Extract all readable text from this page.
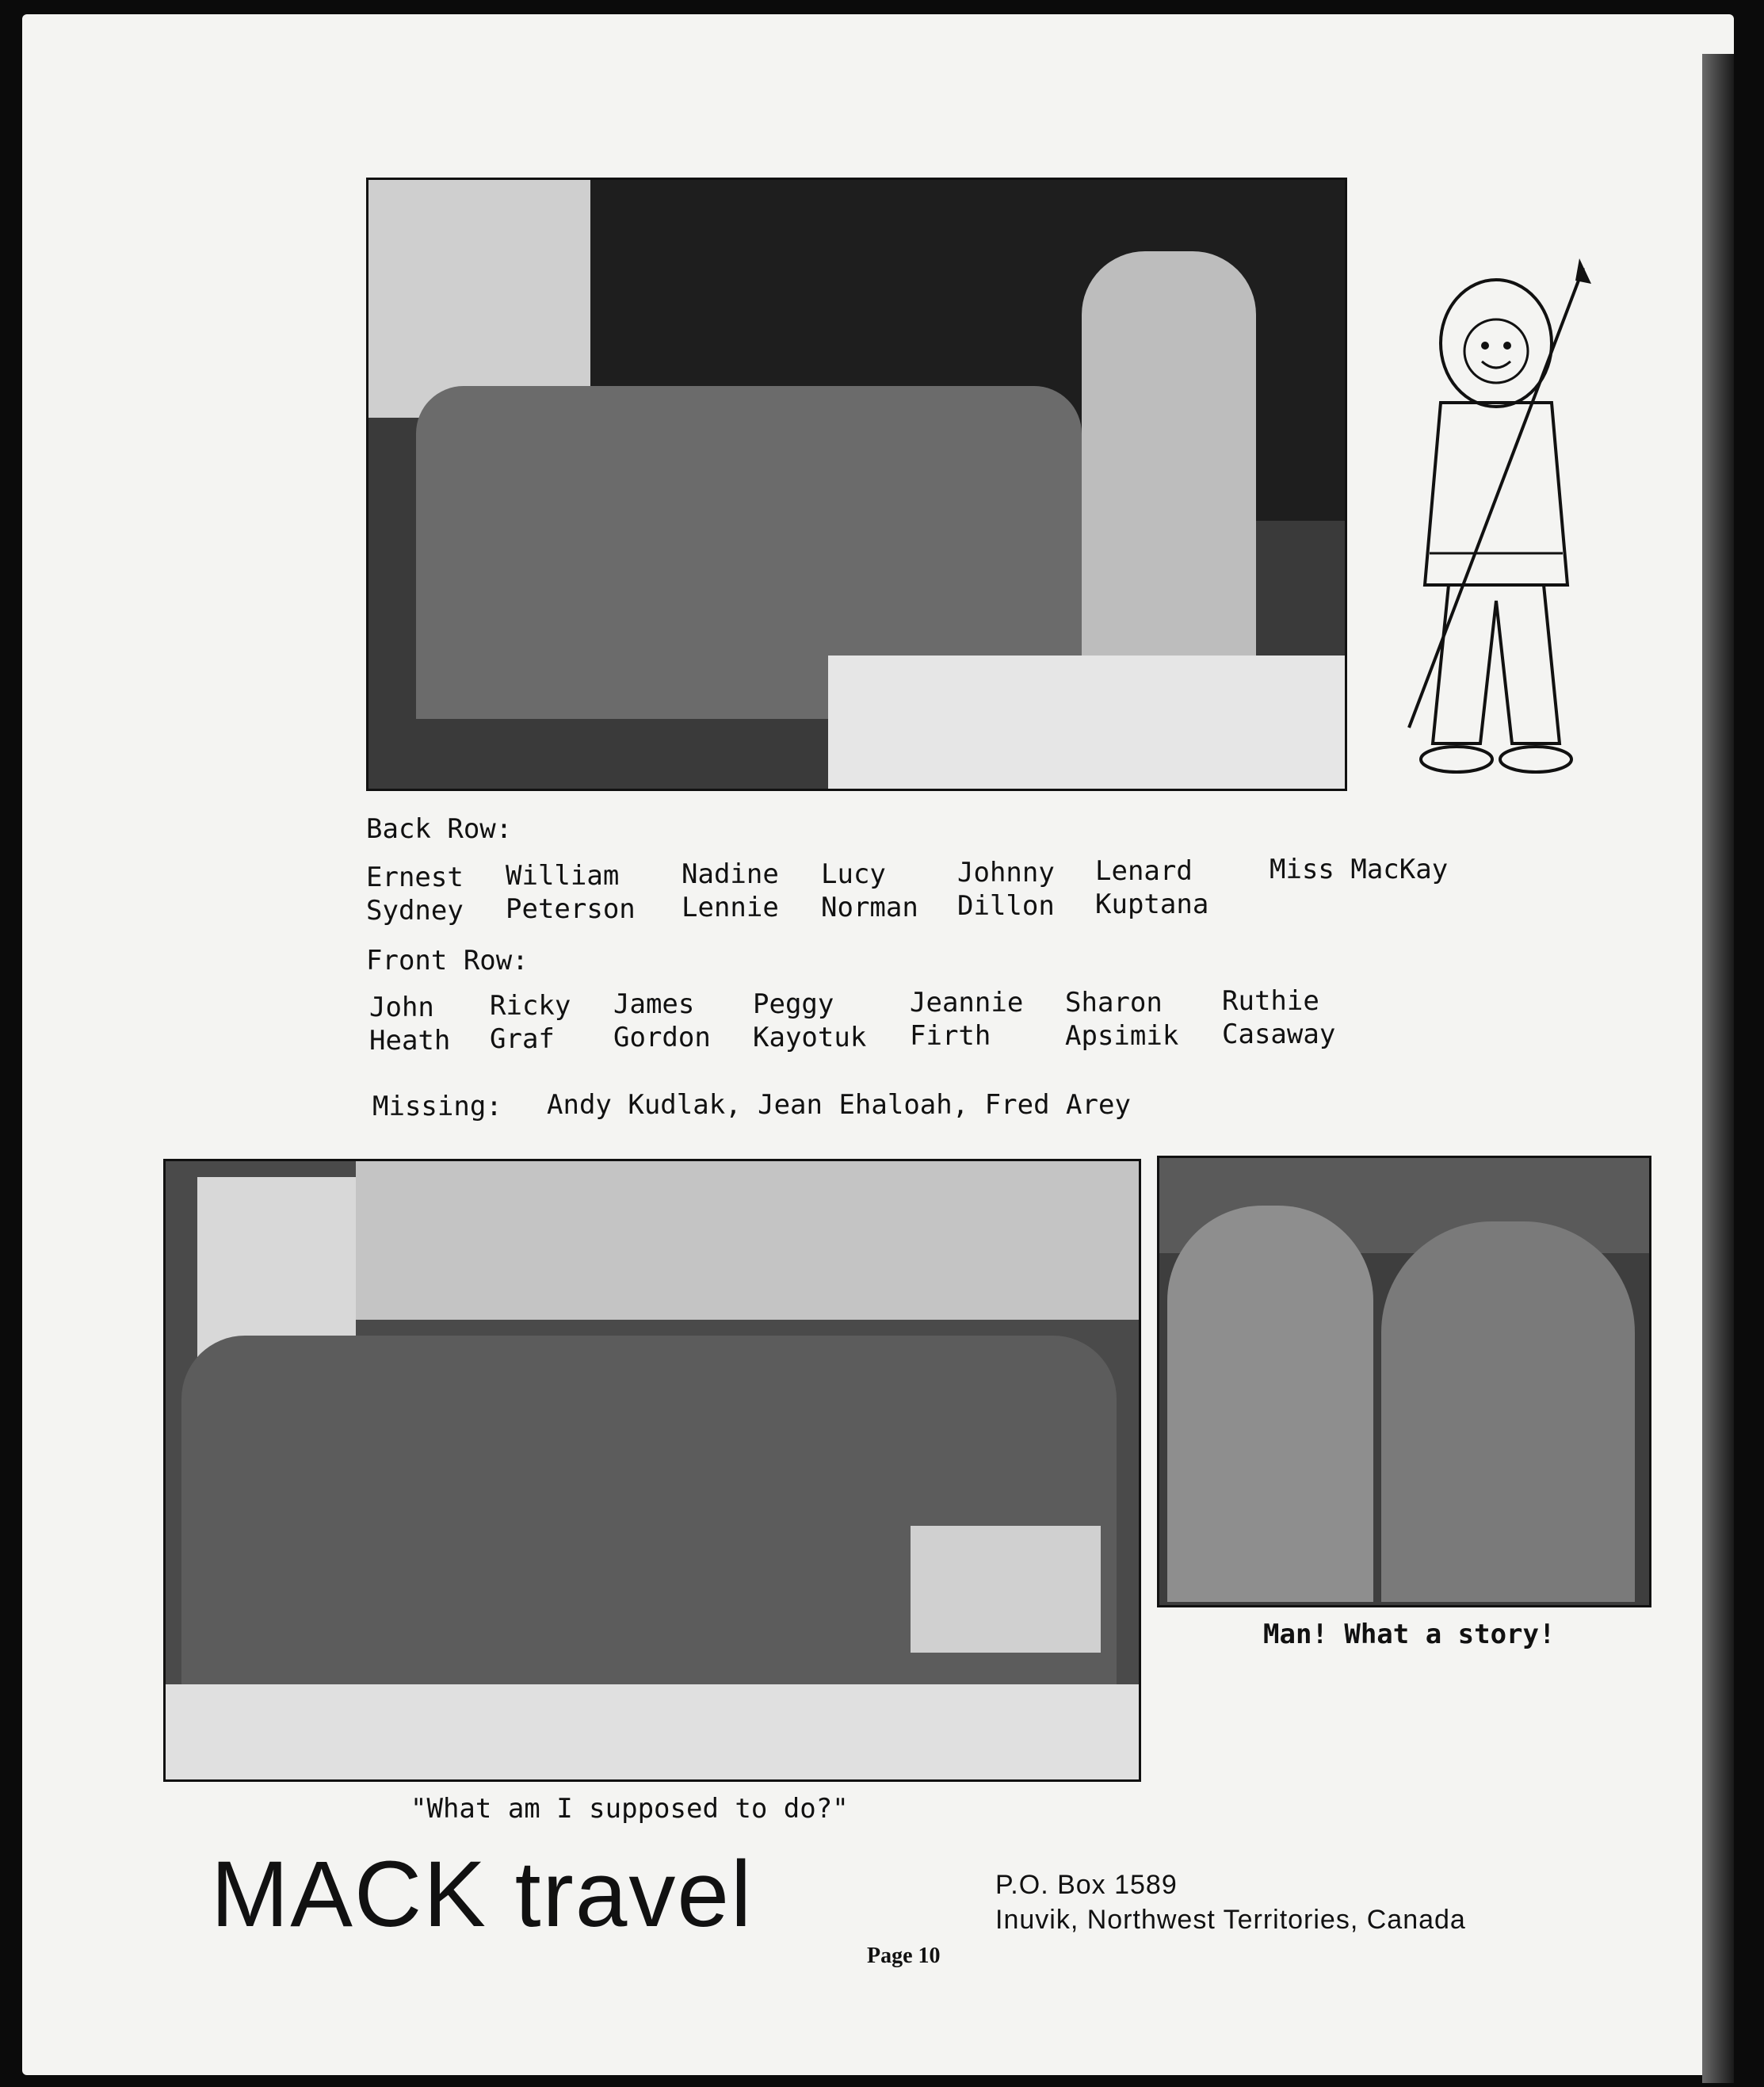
Back Row:
Ernest
Sydney
William
Peterson
Nadine
Lennie
Lucy
Norman
Johnny
Dillon
Lenard
Kuptana
Miss MacKay
Front Row:
John
Heath
Ricky
Graf
James
Gordon
Peggy
Kayotuk
Jeannie
Firth
Sharon
Apsimik
Ruthie
Casaway
Missing: Andy Kudlak, Jean Ehaloah, Fred Arey
"What am I supposed to do?"
Man! What a story!
MACK travel	P.O. Box 1589
Inuvik, Northwest Territories, Canada
Page 10
